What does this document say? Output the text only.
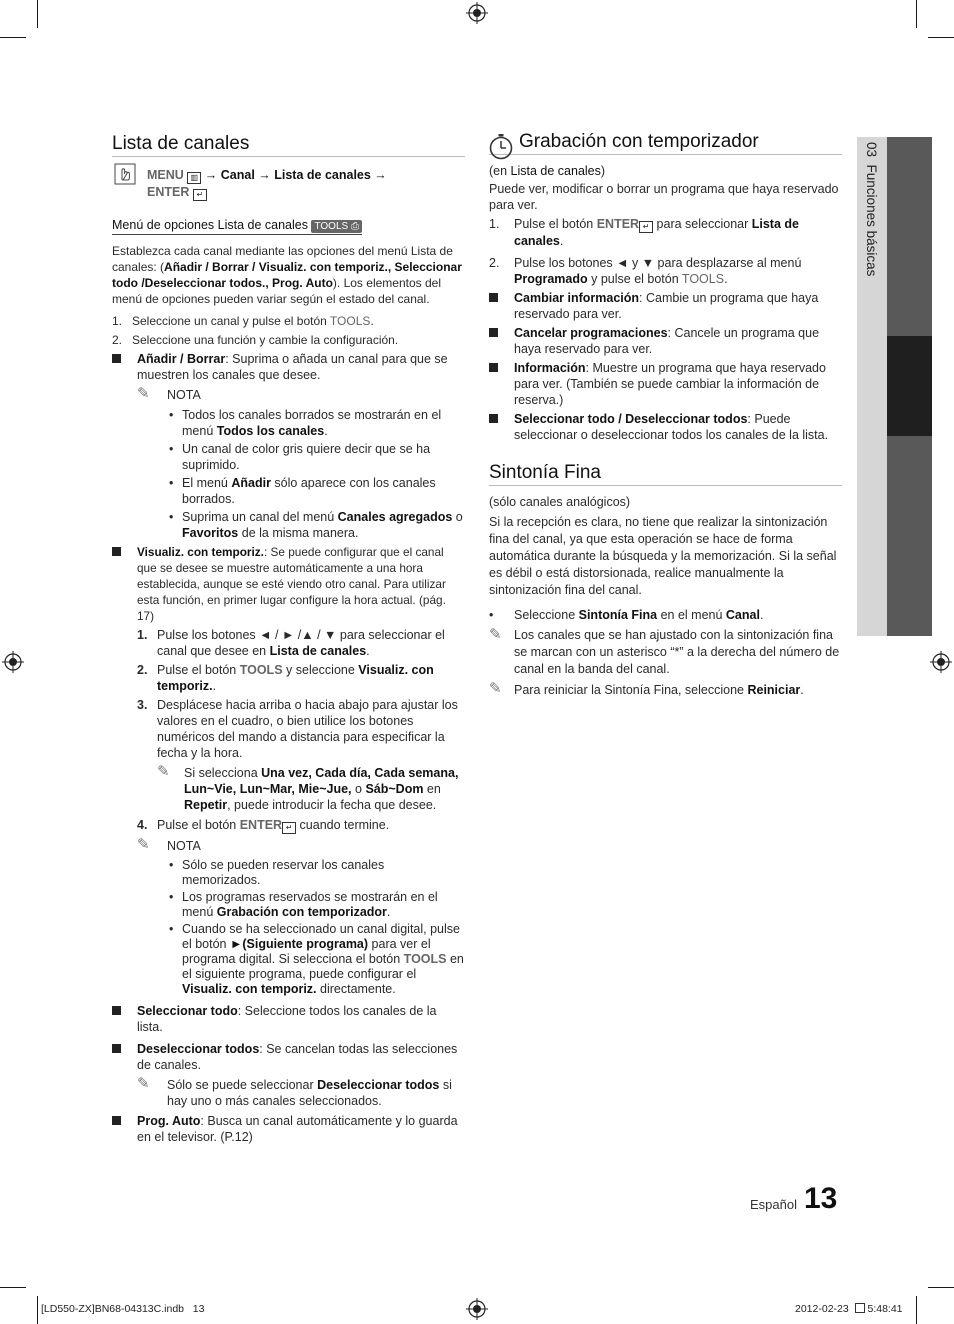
03  Funciones básicas
Lista de canales
MENU ▥ → Canal → Lista de canales →
ENTER ↵
Menú de opciones Lista de canales TOOLS ⎙

Establezca cada canal mediante las opciones del menú Lista de canales: (Añadir / Borrar / Visualiz. con temporiz., Seleccionar todo /Deseleccionar todos., Prog. Auto). Los elementos del menú de opciones pueden variar según el estado del canal.

1. Seleccione un canal y pulse el botón TOOLS.
2. Seleccione una función y cambie la configuración.
Añadir / Borrar: Suprima o añada un canal para que se muestren los canales que desee.
✎ NOTA
• Todos los canales borrados se mostrarán en el menú Todos los canales.
• Un canal de color gris quiere decir que se ha suprimido.
• El menú Añadir sólo aparece con los canales borrados.
• Suprima un canal del menú Canales agregados o Favoritos de la misma manera.
Visualiz. con temporiz.: Se puede configurar que el canal que se desee se muestre automáticamente a una hora establecida, aunque se esté viendo otro canal. Para utilizar esta función, en primer lugar configure la hora actual. (pág. 17)
1. Pulse los botones ◄ / ► /▲ / ▼ para seleccionar el canal que desee en Lista de canales.
2. Pulse el botón TOOLS y seleccione Visualiz. con temporiz..
3. Desplácese hacia arriba o hacia abajo para ajustar los valores en el cuadro, o bien utilice los botones numéricos del mando a distancia para especificar la fecha y la hora.
✎ Si selecciona Una vez, Cada día, Cada semana, Lun~Vie, Lun~Mar, Mie~Jue, o Sáb~Dom en Repetir, puede introducir la fecha que desee.
4. Pulse el botón ENTER ↵ cuando termine.
✎ NOTA
• Sólo se pueden reservar los canales memorizados.
• Los programas reservados se mostrarán en el menú Grabación con temporizador.
• Cuando se ha seleccionado un canal digital, pulse el botón ►(Siguiente programa) para ver el programa digital. Si selecciona el botón TOOLS en el siguiente programa, puede configurar el Visualiz. con temporiz. directamente.
Seleccionar todo: Seleccione todos los canales de la lista.
Deseleccionar todos: Se cancelan todas las selecciones de canales.
✎ Sólo se puede seleccionar Deseleccionar todos si hay uno o más canales seleccionados.
Prog. Auto: Busca un canal automáticamente y lo guarda en el televisor. (P.12)
Grabación con temporizador

(en Lista de canales)

Puede ver, modificar o borrar un programa que haya reservado para ver.

1. Pulse el botón ENTER ↵ para seleccionar Lista de canales.
2. Pulse los botones ◄ y ▼ para desplazarse al menú Programado y pulse el botón TOOLS.
Cambiar información: Cambie un programa que haya reservado para ver.
Cancelar programaciones: Cancele un programa que haya reservado para ver.
Información: Muestre un programa que haya reservado para ver. (También se puede cambiar la información de reserva.)
Seleccionar todo / Deseleccionar todos: Puede seleccionar o deseleccionar todos los canales de la lista.
Sintonía Fina

(sólo canales analógicos)

Si la recepción es clara, no tiene que realizar la sintonización fina del canal, ya que esta operación se hace de forma automática durante la búsqueda y la memorización. Si la señal es débil o está distorsionada, realice manualmente la sintonización fina del canal.

• Seleccione Sintonía Fina en el menú Canal.
✎ Los canales que se han ajustado con la sintonización fina se marcan con un asterisco “*” a la derecha del número de canal en la banda del canal.
✎ Para reiniciar la Sintonía Fina, seleccione Reiniciar.
Español 13
[LD550-ZX]BN68-04313C.indb   13	2012-02-23 5:48:41
